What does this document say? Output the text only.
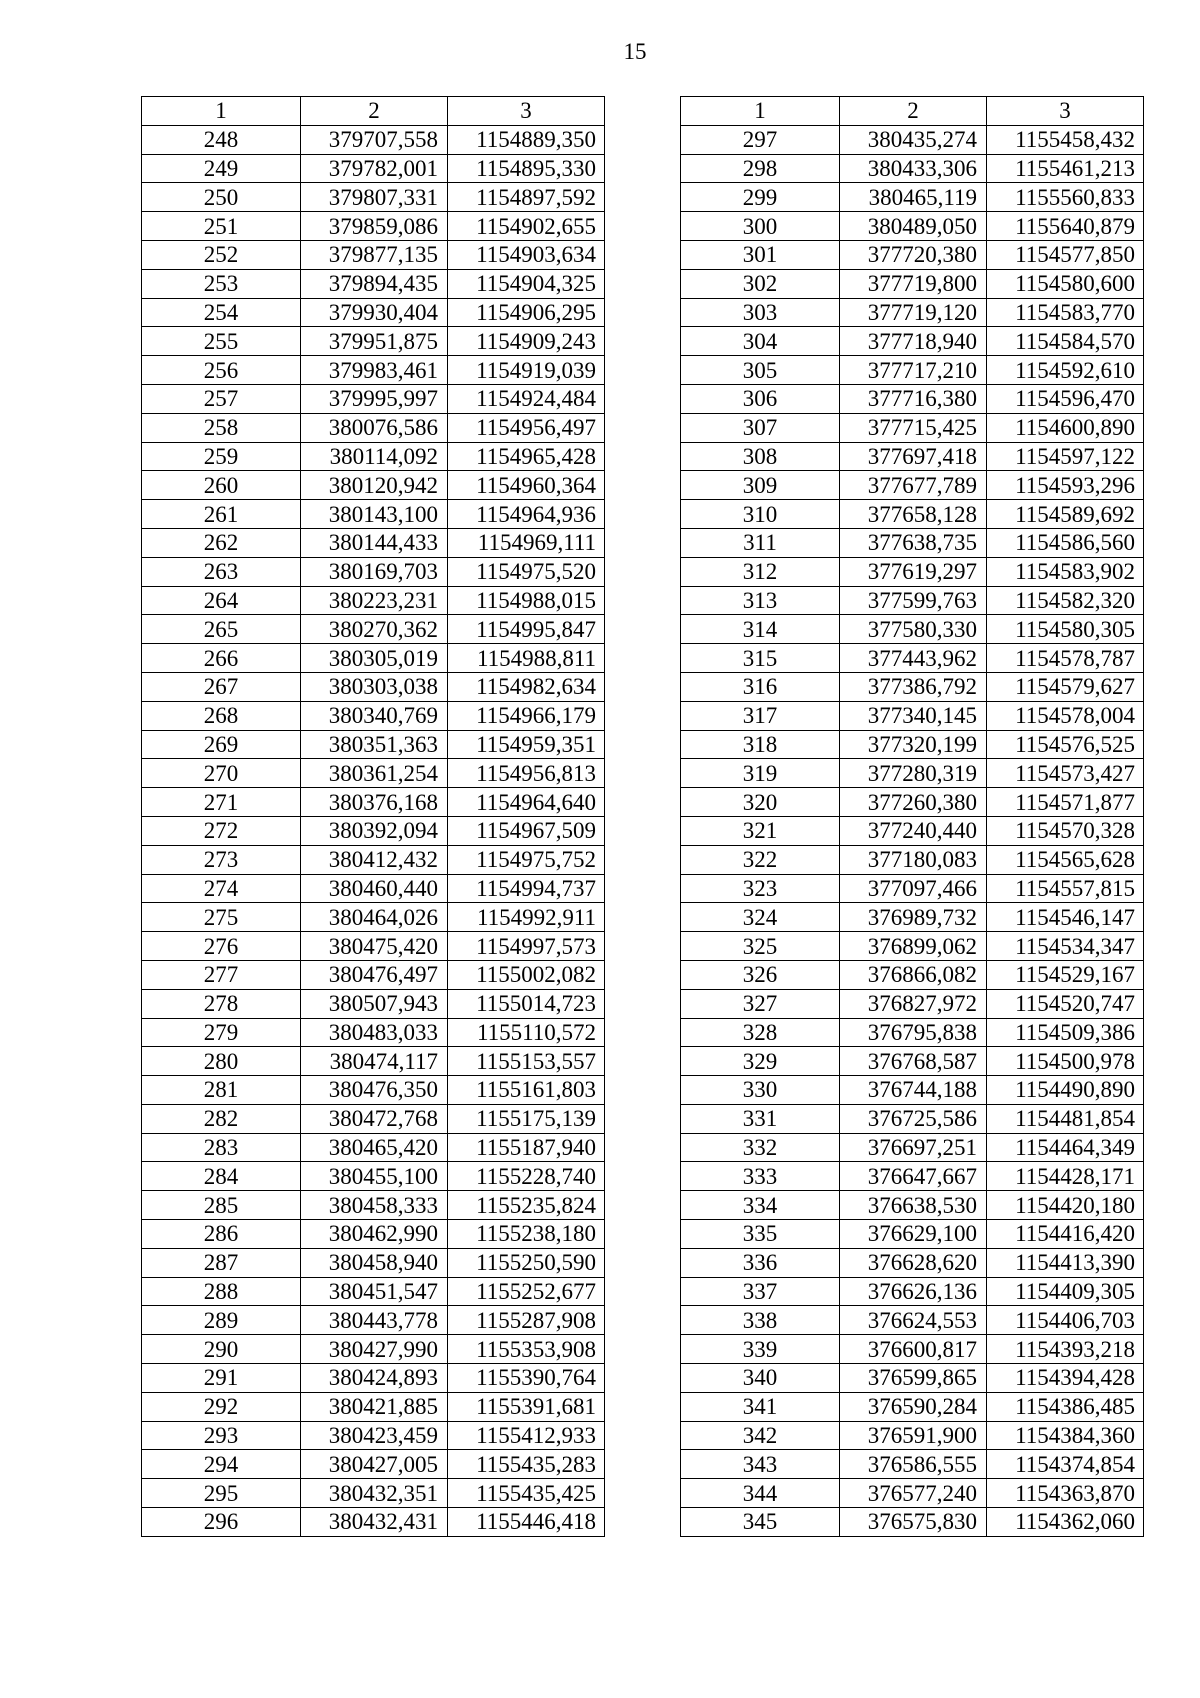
15
1	2	3
248	379707,558	1154889,350
249	379782,001	1154895,330
250	379807,331	1154897,592
251	379859,086	1154902,655
252	379877,135	1154903,634
253	379894,435	1154904,325
254	379930,404	1154906,295
255	379951,875	1154909,243
256	379983,461	1154919,039
257	379995,997	1154924,484
258	380076,586	1154956,497
259	380114,092	1154965,428
260	380120,942	1154960,364
261	380143,100	1154964,936
262	380144,433	1154969,111
263	380169,703	1154975,520
264	380223,231	1154988,015
265	380270,362	1154995,847
266	380305,019	1154988,811
267	380303,038	1154982,634
268	380340,769	1154966,179
269	380351,363	1154959,351
270	380361,254	1154956,813
271	380376,168	1154964,640
272	380392,094	1154967,509
273	380412,432	1154975,752
274	380460,440	1154994,737
275	380464,026	1154992,911
276	380475,420	1154997,573
277	380476,497	1155002,082
278	380507,943	1155014,723
279	380483,033	1155110,572
280	380474,117	1155153,557
281	380476,350	1155161,803
282	380472,768	1155175,139
283	380465,420	1155187,940
284	380455,100	1155228,740
285	380458,333	1155235,824
286	380462,990	1155238,180
287	380458,940	1155250,590
288	380451,547	1155252,677
289	380443,778	1155287,908
290	380427,990	1155353,908
291	380424,893	1155390,764
292	380421,885	1155391,681
293	380423,459	1155412,933
294	380427,005	1155435,283
295	380432,351	1155435,425
296	380432,431	1155446,418
1	2	3
297	380435,274	1155458,432
298	380433,306	1155461,213
299	380465,119	1155560,833
300	380489,050	1155640,879
301	377720,380	1154577,850
302	377719,800	1154580,600
303	377719,120	1154583,770
304	377718,940	1154584,570
305	377717,210	1154592,610
306	377716,380	1154596,470
307	377715,425	1154600,890
308	377697,418	1154597,122
309	377677,789	1154593,296
310	377658,128	1154589,692
311	377638,735	1154586,560
312	377619,297	1154583,902
313	377599,763	1154582,320
314	377580,330	1154580,305
315	377443,962	1154578,787
316	377386,792	1154579,627
317	377340,145	1154578,004
318	377320,199	1154576,525
319	377280,319	1154573,427
320	377260,380	1154571,877
321	377240,440	1154570,328
322	377180,083	1154565,628
323	377097,466	1154557,815
324	376989,732	1154546,147
325	376899,062	1154534,347
326	376866,082	1154529,167
327	376827,972	1154520,747
328	376795,838	1154509,386
329	376768,587	1154500,978
330	376744,188	1154490,890
331	376725,586	1154481,854
332	376697,251	1154464,349
333	376647,667	1154428,171
334	376638,530	1154420,180
335	376629,100	1154416,420
336	376628,620	1154413,390
337	376626,136	1154409,305
338	376624,553	1154406,703
339	376600,817	1154393,218
340	376599,865	1154394,428
341	376590,284	1154386,485
342	376591,900	1154384,360
343	376586,555	1154374,854
344	376577,240	1154363,870
345	376575,830	1154362,060
